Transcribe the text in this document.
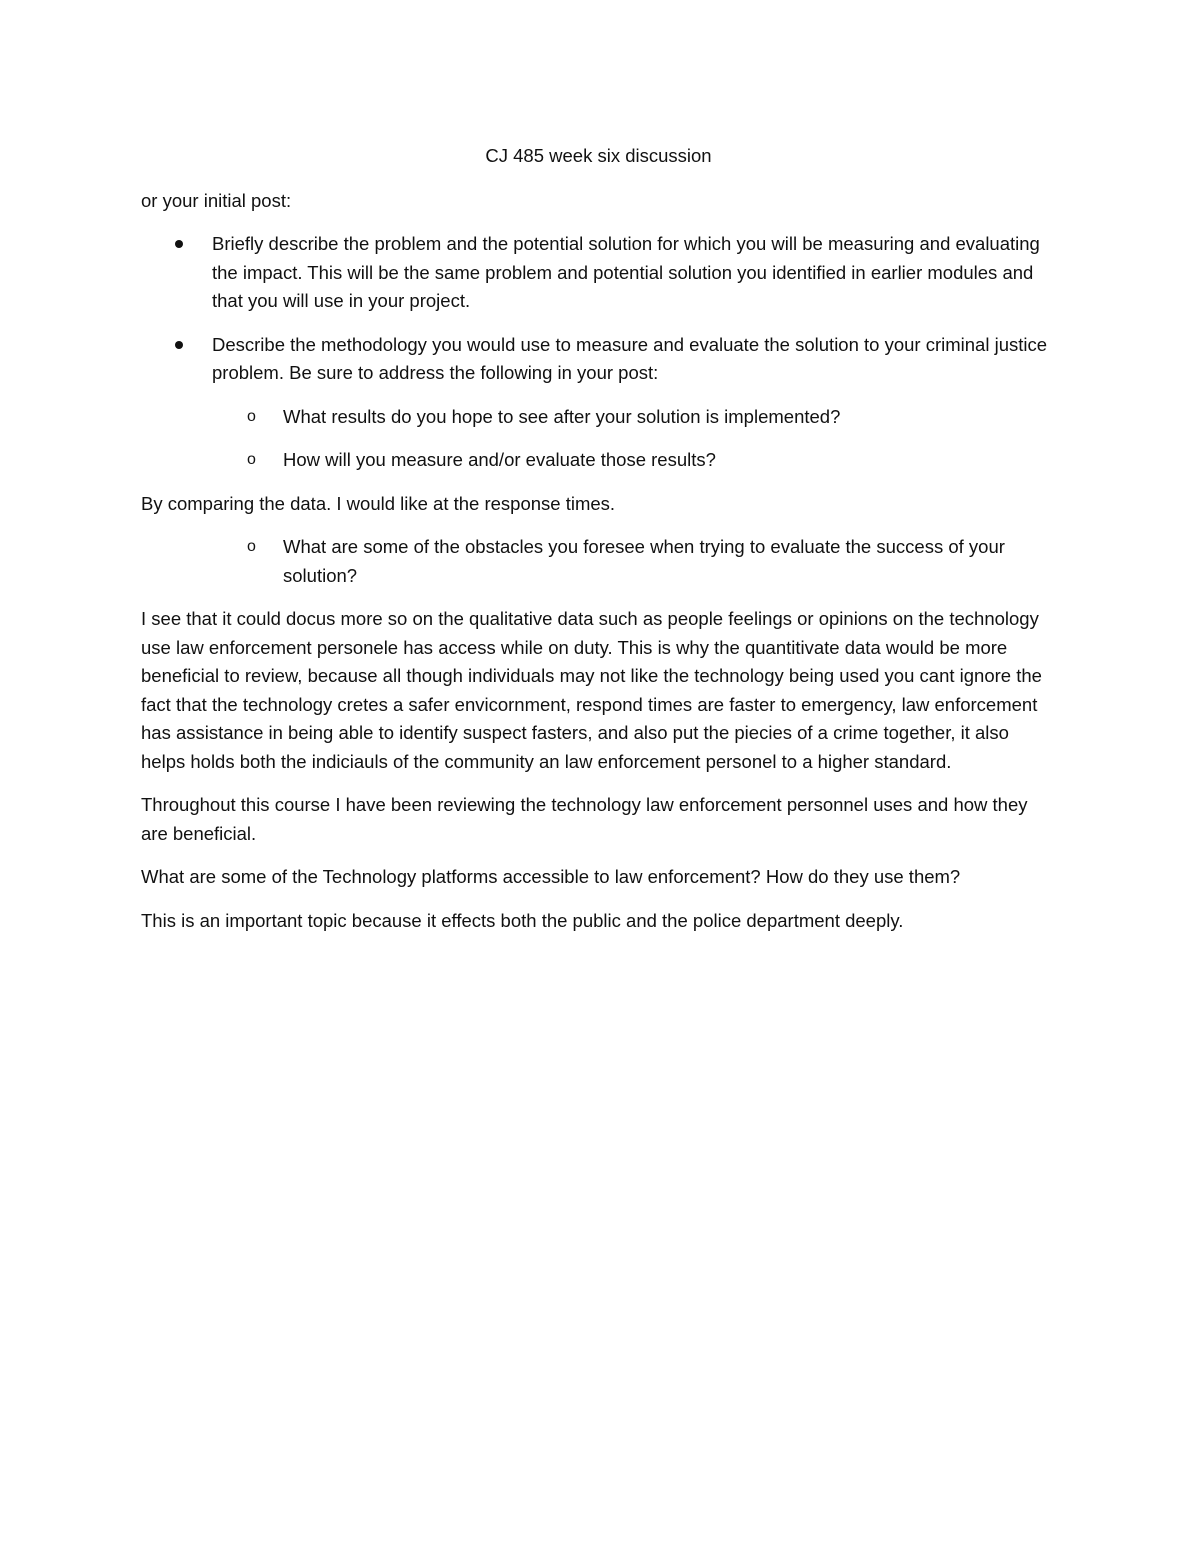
CJ 485 week six discussion
or your initial post:
Briefly describe the problem and the potential solution for which you will be measuring and evaluating the impact. This will be the same problem and potential solution you identified in earlier modules and that you will use in your project.
Describe the methodology you would use to measure and evaluate the solution to your criminal justice problem. Be sure to address the following in your post:
o What results do you hope to see after your solution is implemented?
o How will you measure and/or evaluate those results?
By comparing the data. I would like at the response times.
o What are some of the obstacles you foresee when trying to evaluate the success of your solution?
I see that it could docus more so on the qualitative data such as people feelings or opinions on the technology use law enforcement personele has access while on duty. This is why the quantitivate data would be more beneficial to review, because all though individuals may not like the technology being used you cant ignore the fact that the technology cretes a safer envicornment, respond times are faster to emergency, law enforcement has assistance in being able to identify suspect fasters, and also put the piecies of a crime together, it also helps holds both the indiciauls of the community an law enforcement personel to a higher standard.
Throughout this course I have been reviewing the technology law enforcement personnel uses and how they are beneficial.
What are some of the Technology platforms accessible to law enforcement? How do they use them?
This is an important topic because it effects both the public and the police department deeply.
